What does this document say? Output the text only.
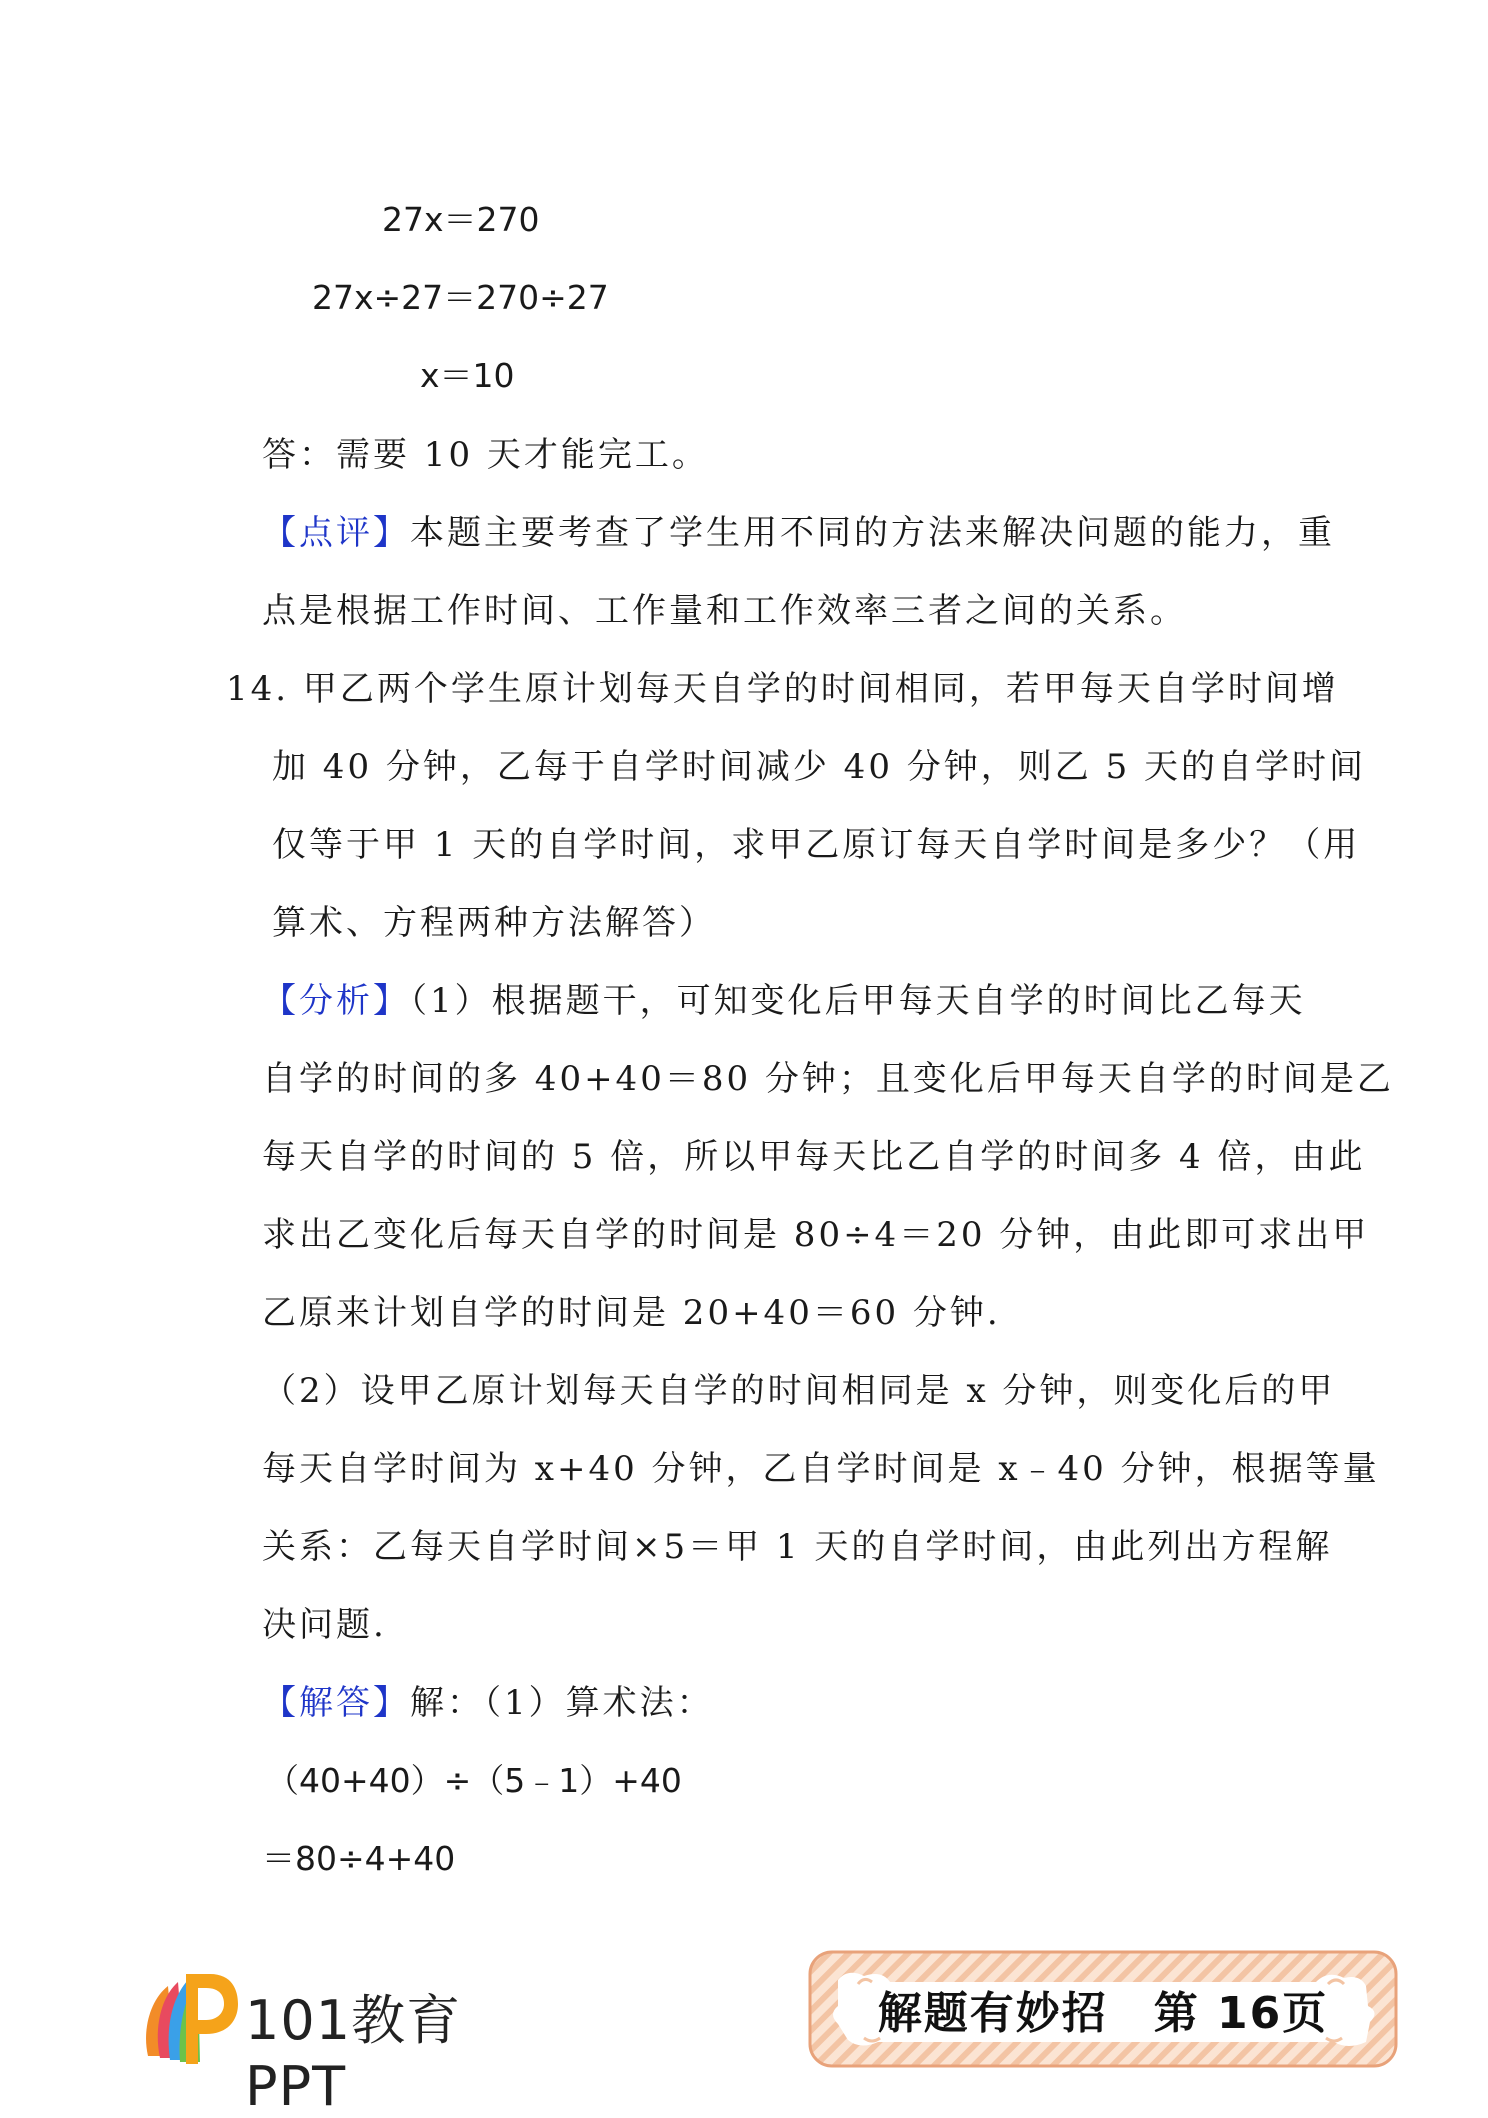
27x＝270
27x÷27＝270÷27
x＝10
答：需要 10 天才能完工。
【点评】本题主要考查了学生用不同的方法来解决问题的能力，重
点是根据工作时间、工作量和工作效率三者之间的关系。
14. 甲乙两个学生原计划每天自学的时间相同，若甲每天自学时间增
加 40 分钟，乙每于自学时间减少 40 分钟，则乙 5 天的自学时间
仅等于甲 1 天的自学时间，求甲乙原订每天自学时间是多少？（用
算术、方程两种方法解答）
【分析】（1）根据题干，可知变化后甲每天自学的时间比乙每天
自学的时间的多 40+40＝80 分钟；且变化后甲每天自学的时间是乙
每天自学的时间的 5 倍，所以甲每天比乙自学的时间多 4 倍，由此
求出乙变化后每天自学的时间是 80÷4＝20 分钟，由此即可求出甲
乙原来计划自学的时间是 20+40＝60 分钟.
（2）设甲乙原计划每天自学的时间相同是 x 分钟，则变化后的甲
每天自学时间为 x+40 分钟，乙自学时间是 x﹣40 分钟，根据等量
关系：乙每天自学时间×5＝甲 1 天的自学时间，由此列出方程解
决问题.
【解答】解：（1）算术法：
（40+40）÷（5﹣1）+40
＝80÷4+40
101教育PPT
解题有妙招　第 16页
